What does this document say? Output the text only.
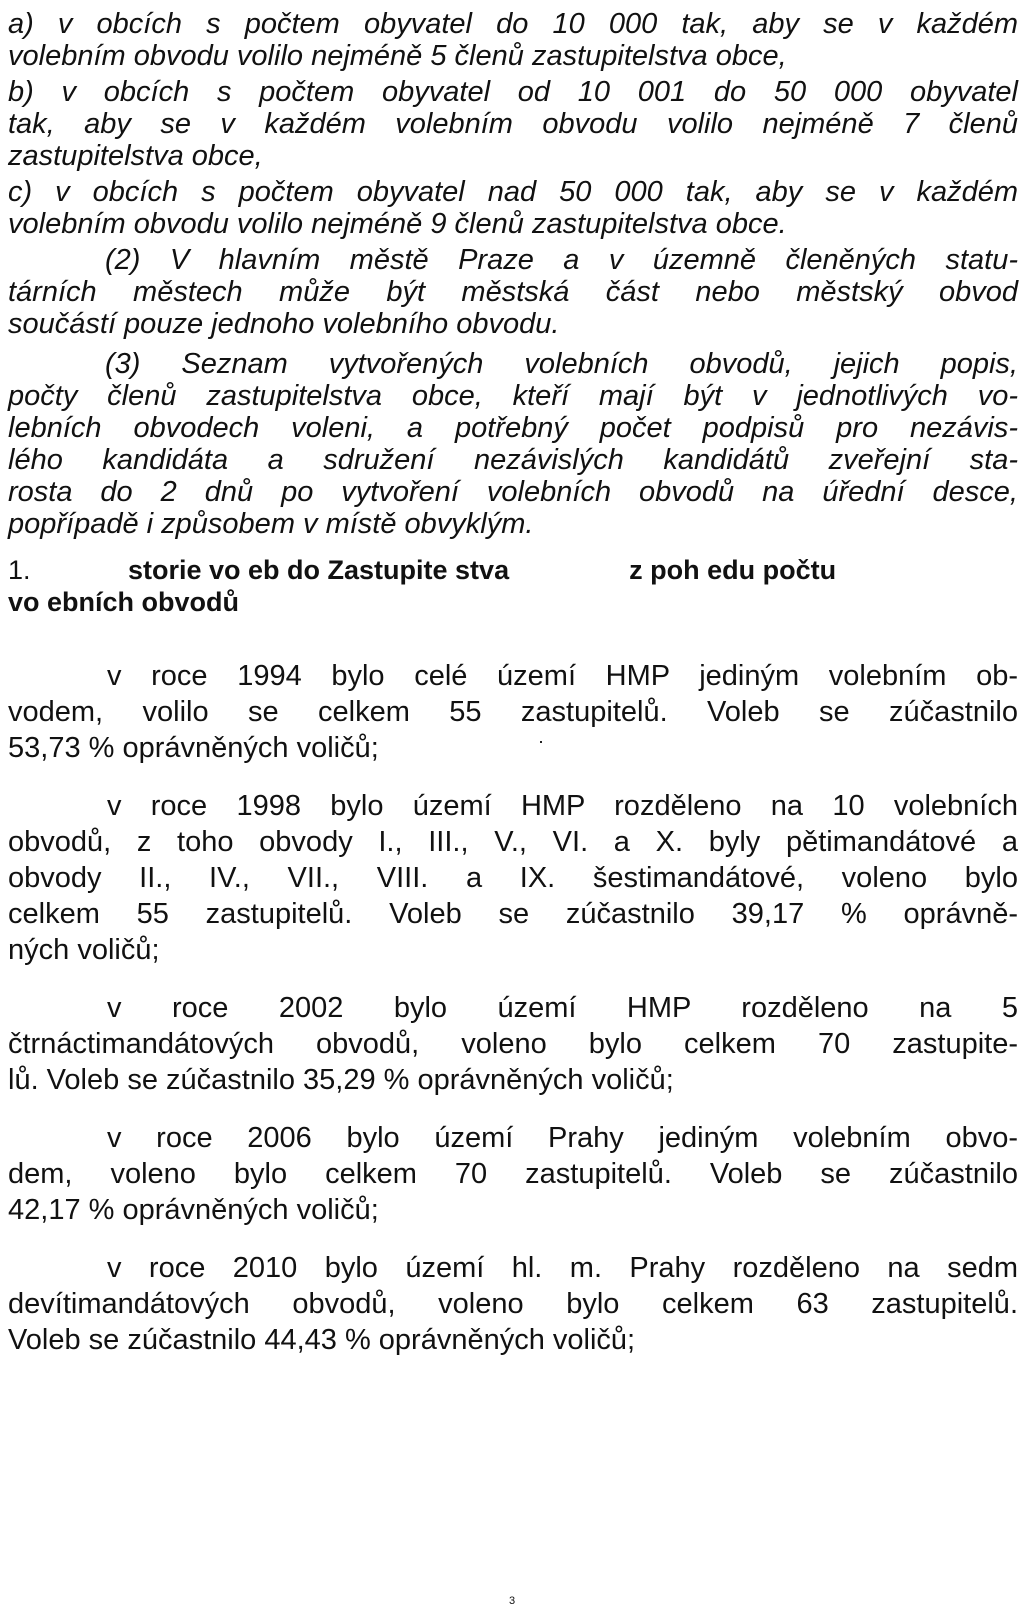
a) v obcích s počtem obyvatel do 10 000 tak, aby se v každém
volebním obvodu volilo nejméně 5 členů zastupitelstva obce,
b) v obcích s počtem obyvatel od 10 001 do 50 000 obyvatel
tak, aby se v každém volebním obvodu volilo nejméně 7 členů
zastupitelstva obce,
c) v obcích s počtem obyvatel nad 50 000 tak, aby se v každém
volebním obvodu volilo nejméně 9 členů zastupitelstva obce.
(2) V hlavním městě Praze a v územně členěných statu-
tárních městech může být městská část nebo městský obvod
součástí pouze jednoho volebního obvodu.
(3) Seznam vytvořených volebních obvodů, jejich popis,
počty členů zastupitelstva obce, kteří mají být v jednotlivých vo-
lebních obvodech voleni, a potřebný počet podpisů pro nezávis-
lého kandidáta a sdružení nezávislých kandidátů zveřejní sta-
rosta do 2 dnů po vytvoření volebních obvodů na úřední desce,
popřípadě i způsobem v místě obvyklým.
1.	storie vo eb do Zastupite stva	z poh edu počtu
vo ebních obvodů
v roce 1994 bylo celé území HMP jediným volebním ob-
vodem, volilo se celkem 55 zastupitelů. Voleb se zúčastnilo
53,73 % oprávněných voličů;
v roce 1998 bylo území HMP rozděleno na 10 volebních
obvodů, z toho obvody I., III., V., VI. a X. byly pětimandátové a
obvody II., IV., VII., VIII. a IX. šestimandátové, voleno bylo
celkem 55 zastupitelů. Voleb se zúčastnilo 39,17 % oprávně-
ných voličů;
v roce 2002 bylo území HMP rozděleno na 5
čtrnáctimandátových obvodů, voleno bylo celkem 70 zastupite-
lů. Voleb se zúčastnilo 35,29 % oprávněných voličů;
v roce 2006 bylo území Prahy jediným volebním obvo-
dem, voleno bylo celkem 70 zastupitelů. Voleb se zúčastnilo
42,17 % oprávněných voličů;
v roce 2010 bylo území hl. m. Prahy rozděleno na sedm
devítimandátových obvodů, voleno bylo celkem 63 zastupitelů.
Voleb se zúčastnilo 44,43 % oprávněných voličů;
3
